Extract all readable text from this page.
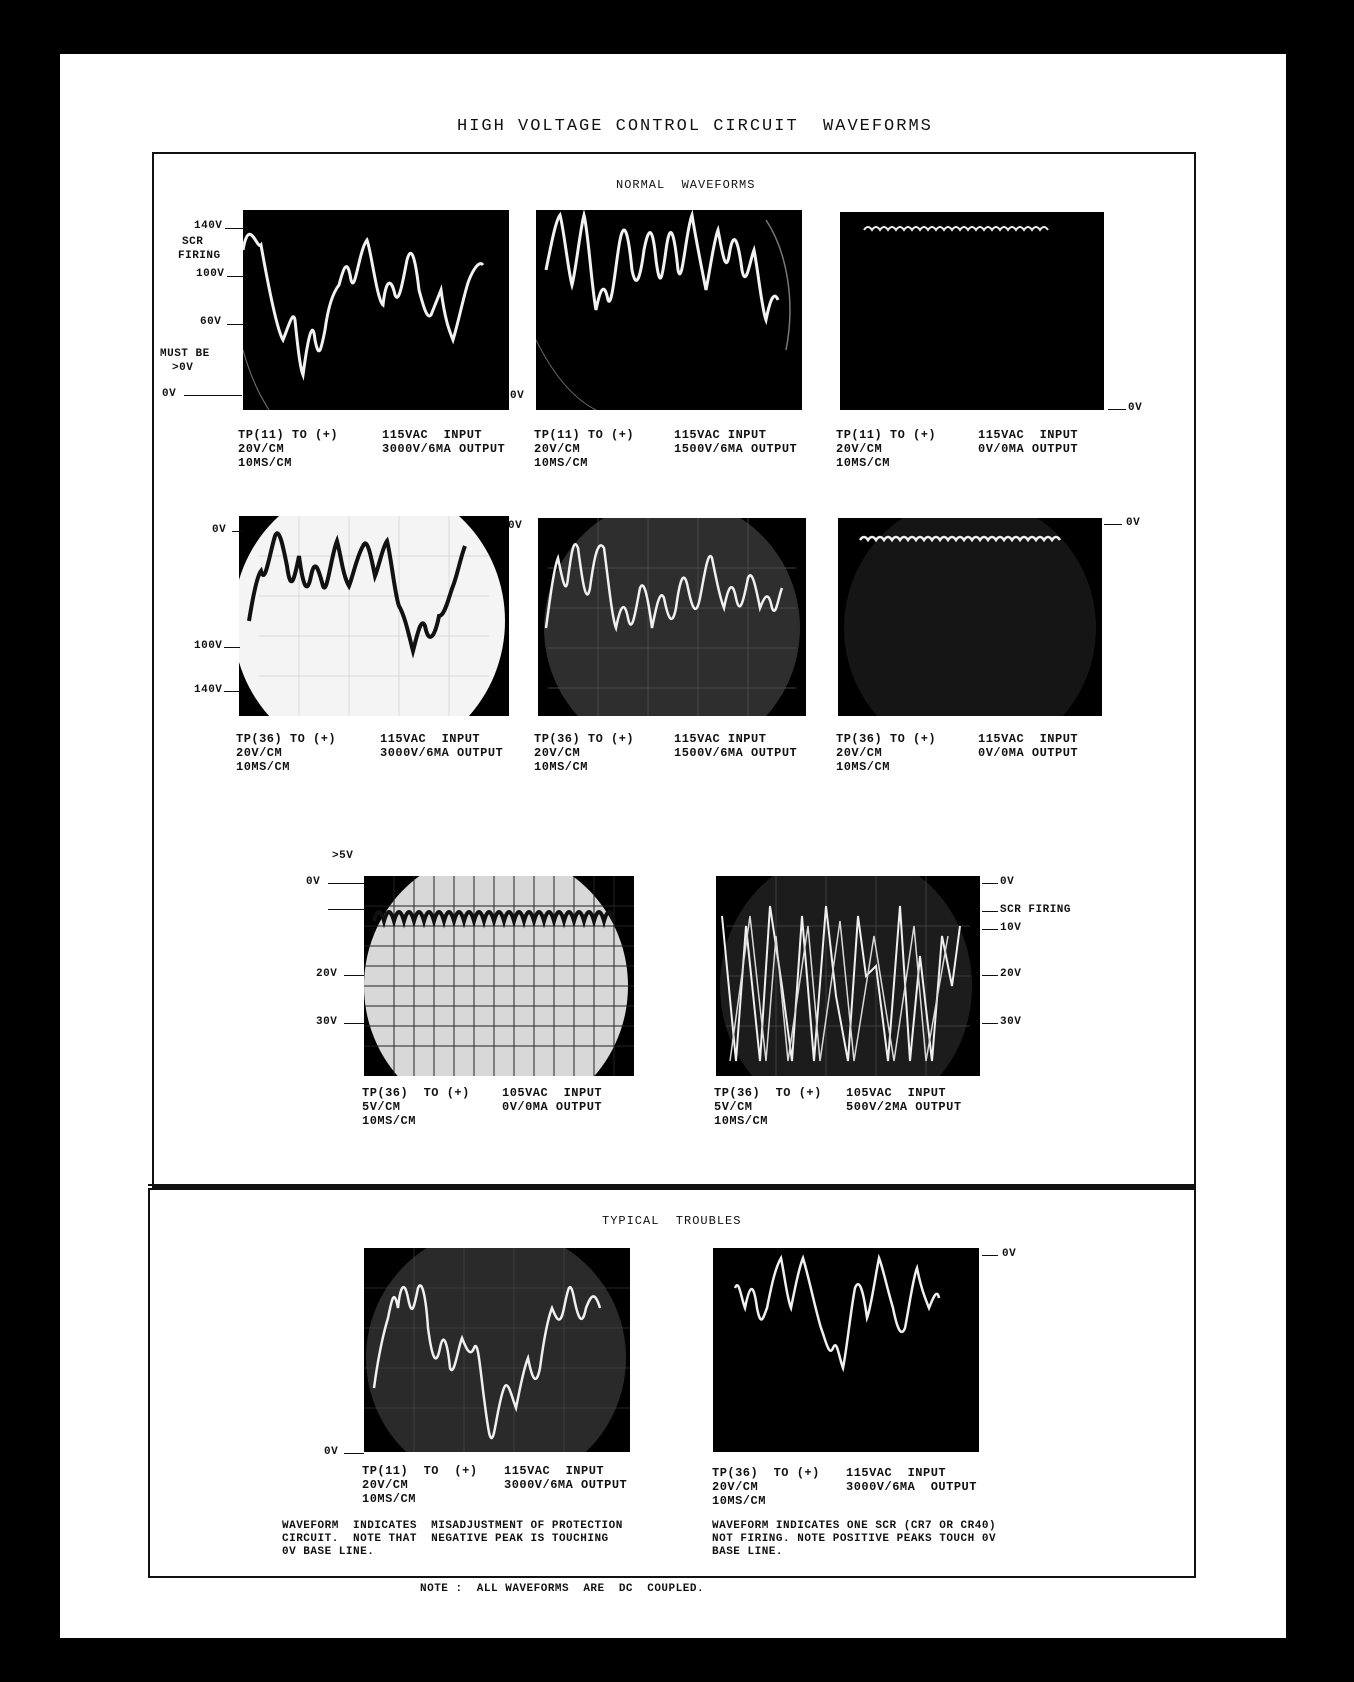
HIGH VOLTAGE CONTROL CIRCUIT  WAVEFORMS
NORMAL  WAVEFORMS
TYPICAL  TROUBLES
140V
SCR
FIRING
100V
60V
MUST BE
>0V
0V
TP(11) TO (+)
20V/CM
10MS/CM
115VAC  INPUT
3000V/6MA OUTPUT
0V
TP(11) TO (+)
20V/CM
10MS/CM
115VAC INPUT
1500V/6MA OUTPUT
0V
TP(11) TO (+)
20V/CM
10MS/CM
115VAC  INPUT
0V/0MA OUTPUT
0V
100V
140V
TP(36) TO (+)
20V/CM
10MS/CM
115VAC  INPUT
3000V/6MA OUTPUT
0V
TP(36) TO (+)
20V/CM
10MS/CM
115VAC INPUT
1500V/6MA OUTPUT
0V
TP(36) TO (+)
20V/CM
10MS/CM
115VAC  INPUT
0V/0MA OUTPUT
>5V
0V
20V
30V
TP(36)  TO (+)
5V/CM
10MS/CM
105VAC  INPUT
0V/0MA OUTPUT
0V
SCR FIRING
10V
20V
30V
TP(36)  TO (+)
5V/CM
10MS/CM
105VAC  INPUT
500V/2MA OUTPUT
0V
TP(11)  TO  (+)
20V/CM
10MS/CM
115VAC  INPUT
3000V/6MA OUTPUT
WAVEFORM  INDICATES  MISADJUSTMENT OF PROTECTION
CIRCUIT.  NOTE THAT  NEGATIVE PEAK IS TOUCHING
0V BASE LINE.
0V
TP(36)  TO (+)
20V/CM
10MS/CM
115VAC  INPUT
3000V/6MA  OUTPUT
WAVEFORM INDICATES ONE SCR (CR7 OR CR40)
NOT FIRING. NOTE POSITIVE PEAKS TOUCH 0V
BASE LINE.
NOTE :  ALL WAVEFORMS  ARE  DC  COUPLED.
